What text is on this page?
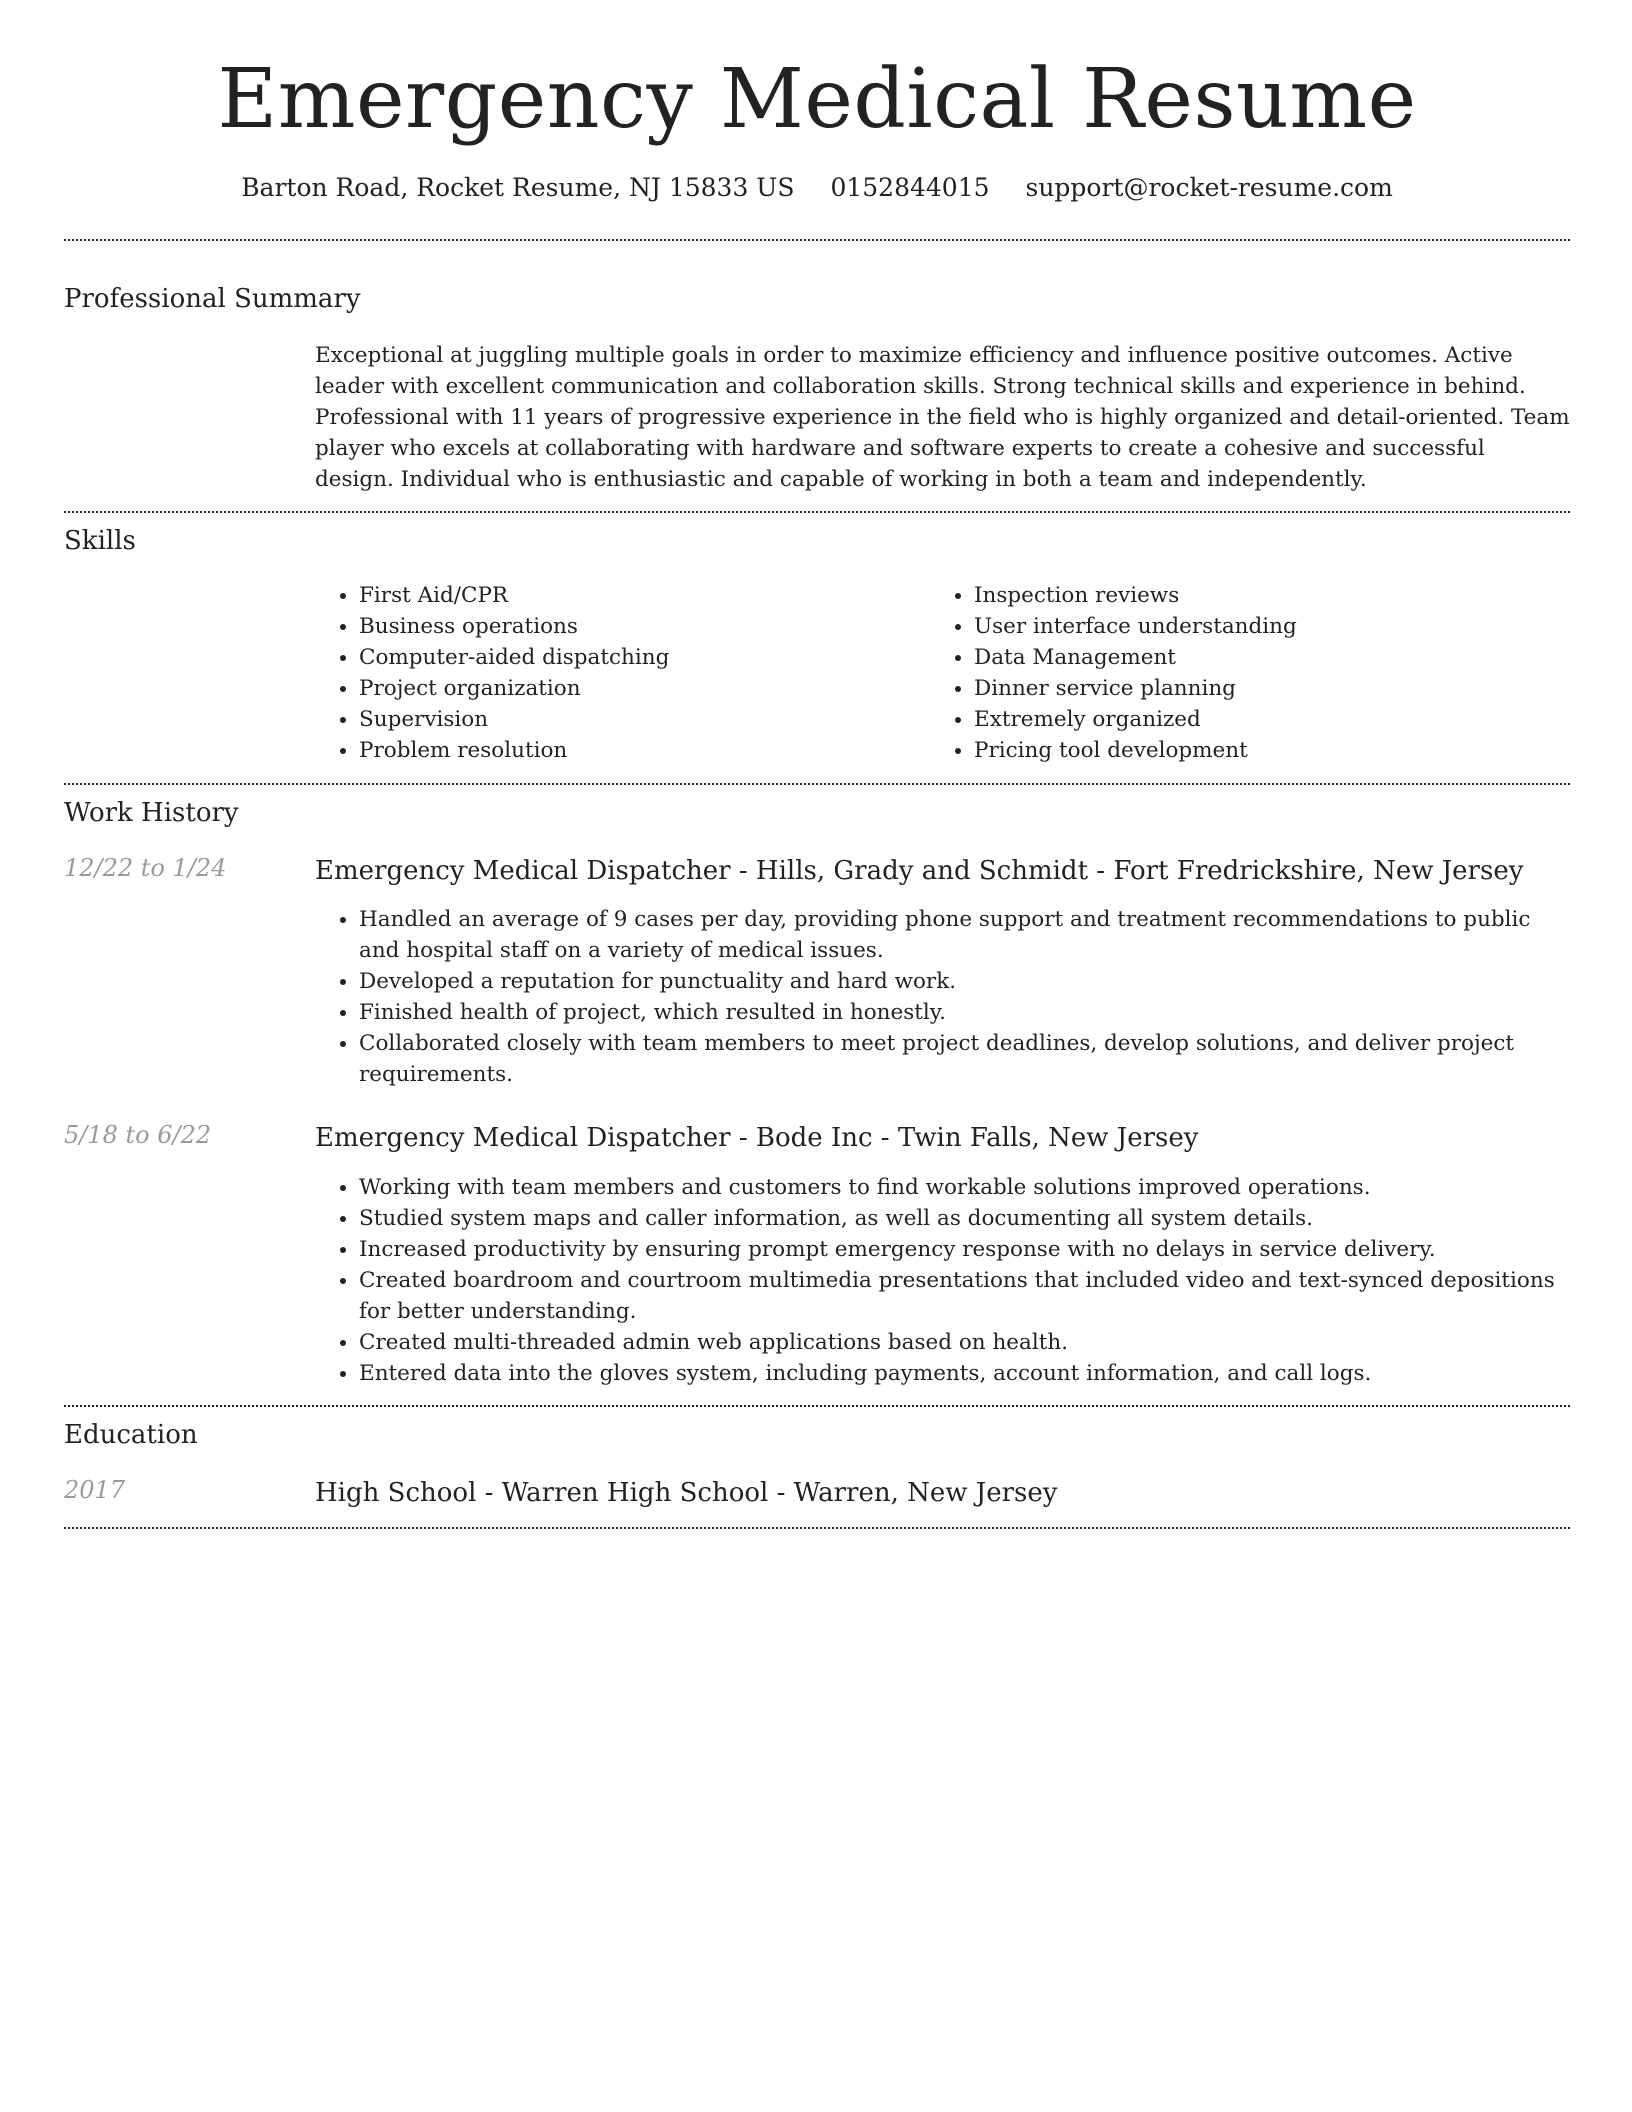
Emergency Medical Resume
Barton Road, Rocket Resume, NJ 15833 US 0152844015 support@rocket-resume.com
Professional Summary
Exceptional at juggling multiple goals in order to maximize efficiency and influence positive outcomes. Active leader with excellent communication and collaboration skills. Strong technical skills and experience in behind. Professional with 11 years of progressive experience in the field who is highly organized and detail-oriented. Team player who excels at collaborating with hardware and software experts to create a cohesive and successful design. Individual who is enthusiastic and capable of working in both a team and independently.
Skills
• First Aid/CPR
• Business operations
• Computer-aided dispatching
• Project organization
• Supervision
• Problem resolution
• Inspection reviews
• User interface understanding
• Data Management
• Dinner service planning
• Extremely organized
• Pricing tool development
Work History
12/22 to 1/24	Emergency Medical Dispatcher - Hills, Grady and Schmidt - Fort Fredrickshire, New Jersey
• Handled an average of 9 cases per day, providing phone support and treatment recommendations to public and hospital staff on a variety of medical issues.
• Developed a reputation for punctuality and hard work.
• Finished health of project, which resulted in honestly.
• Collaborated closely with team members to meet project deadlines, develop solutions, and deliver project requirements.
5/18 to 6/22	Emergency Medical Dispatcher - Bode Inc - Twin Falls, New Jersey
• Working with team members and customers to find workable solutions improved operations.
• Studied system maps and caller information, as well as documenting all system details.
• Increased productivity by ensuring prompt emergency response with no delays in service delivery.
• Created boardroom and courtroom multimedia presentations that included video and text-synced depositions for better understanding.
• Created multi-threaded admin web applications based on health.
• Entered data into the gloves system, including payments, account information, and call logs.
Education
2017	High School - Warren High School - Warren, New Jersey
